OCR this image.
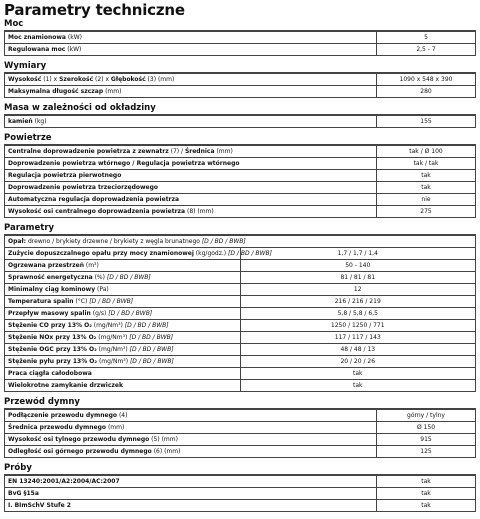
Parametry techniczne
Moc
Moc znamionowa (kW)	5
Regulowana moc (kW)	2,5 - 7
Wymiary
Wysokość (1) x Szerokość (2) x Głębokość (3) (mm)	1090 x 548 x 390
Maksymalna długość szczap (mm)	280
Masa w zależności od okładziny
kamień (kg)	155
Powietrze
Centralne doprowadzenie powietrza z zewnatrz (7) / Średnica (mm)	tak / Ø 100
Doprowadzenie powietrza wtórnego / Regulacja powietrza wtórnego	tak / tak
Regulacja powietrza pierwotnego	tak
Doprowadzenie powietrza trzeciorzędowego	tak
Automatyczna regulacja doprowadzenia powietrza	nie
Wysokość osi centralnego doprowadzenia powietrza (8) (mm)	275
Parametry
Opał: drewno / brykiety drzewne / brykiety z węgla brunatnego [D / BD / BWB]	
Zużycie dopuszczalnego opału przy mocy znamionowej (kg/godz.) [D / BD / BWB]	1,7 / 1,7 / 1,4
Ogrzewana przestrzeń (m³)	50 - 140
Sprawność energetyczna (%) [D / BD / BWB]	81 / 81 / 81
Minimalny ciąg kominowy (Pa)	12
Temperatura spalin (°C) [D / BD / BWB]	216 / 216 / 219
Przepływ masowy spalin (g/s) [D / BD / BWB]	5,8 / 5,8 / 6,5
Stężenie CO przy 13% O₂ (mg/Nm³) [D / BD / BWB]	1250 / 1250 / 771
Stężenie NOx przy 13% O₂ (mg/Nm³) [D / BD / BWB]	117 / 117 / 143
Stężenie OGC przy 13% O₂ (mg/Nm³) [D / BD / BWB]	48 / 48 / 13
Stężenie pyłu przy 13% O₂ (mg/Nm³) [D / BD / BWB]	20 / 20 / 26
Praca ciągła całodobowa	tak
Wielokrotne zamykanie drzwiczek	tak
Przewód dymny
Podłączenie przewodu dymnego (4)	górny / tylny
Średnica przewodu dymnego (mm)	Ø 150
Wysokość osi tylnego przewodu dymnego (5) (mm)	915
Odległość osi górnego przewodu dymnego (6) (mm)	125
Próby
EN 13240:2001/A2:2004/AC:2007	tak
BvG §15a	tak
I. BImSchV Stufe 2	tak
